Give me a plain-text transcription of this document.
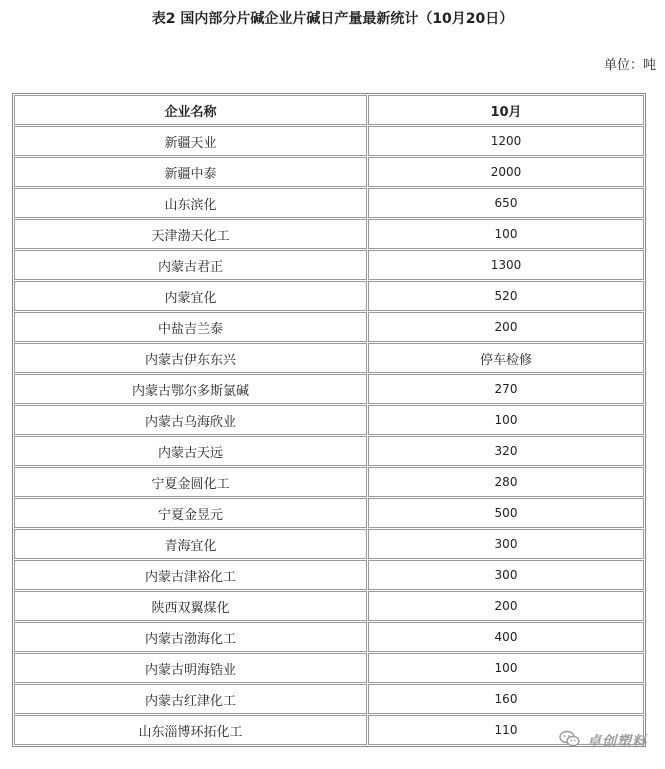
表2 国内部分片碱企业片碱日产量最新统计（10月20日）
单位：吨
企业名称	10月
新疆天业	1200
新疆中泰	2000
山东滨化	650
天津渤天化工	100
内蒙古君正	1300
内蒙宜化	520
中盐吉兰泰	200
内蒙古伊东东兴	停车检修
内蒙古鄂尔多斯氯碱	270
内蒙古乌海欣业	100
内蒙古天远	320
宁夏金圆化工	280
宁夏金昱元	500
青海宜化	300
内蒙古津裕化工	300
陕西双翼煤化	200
内蒙古渤海化工	400
内蒙古明海锆业	100
内蒙古红津化工	160
山东淄博环拓化工	110
卓创塑料
